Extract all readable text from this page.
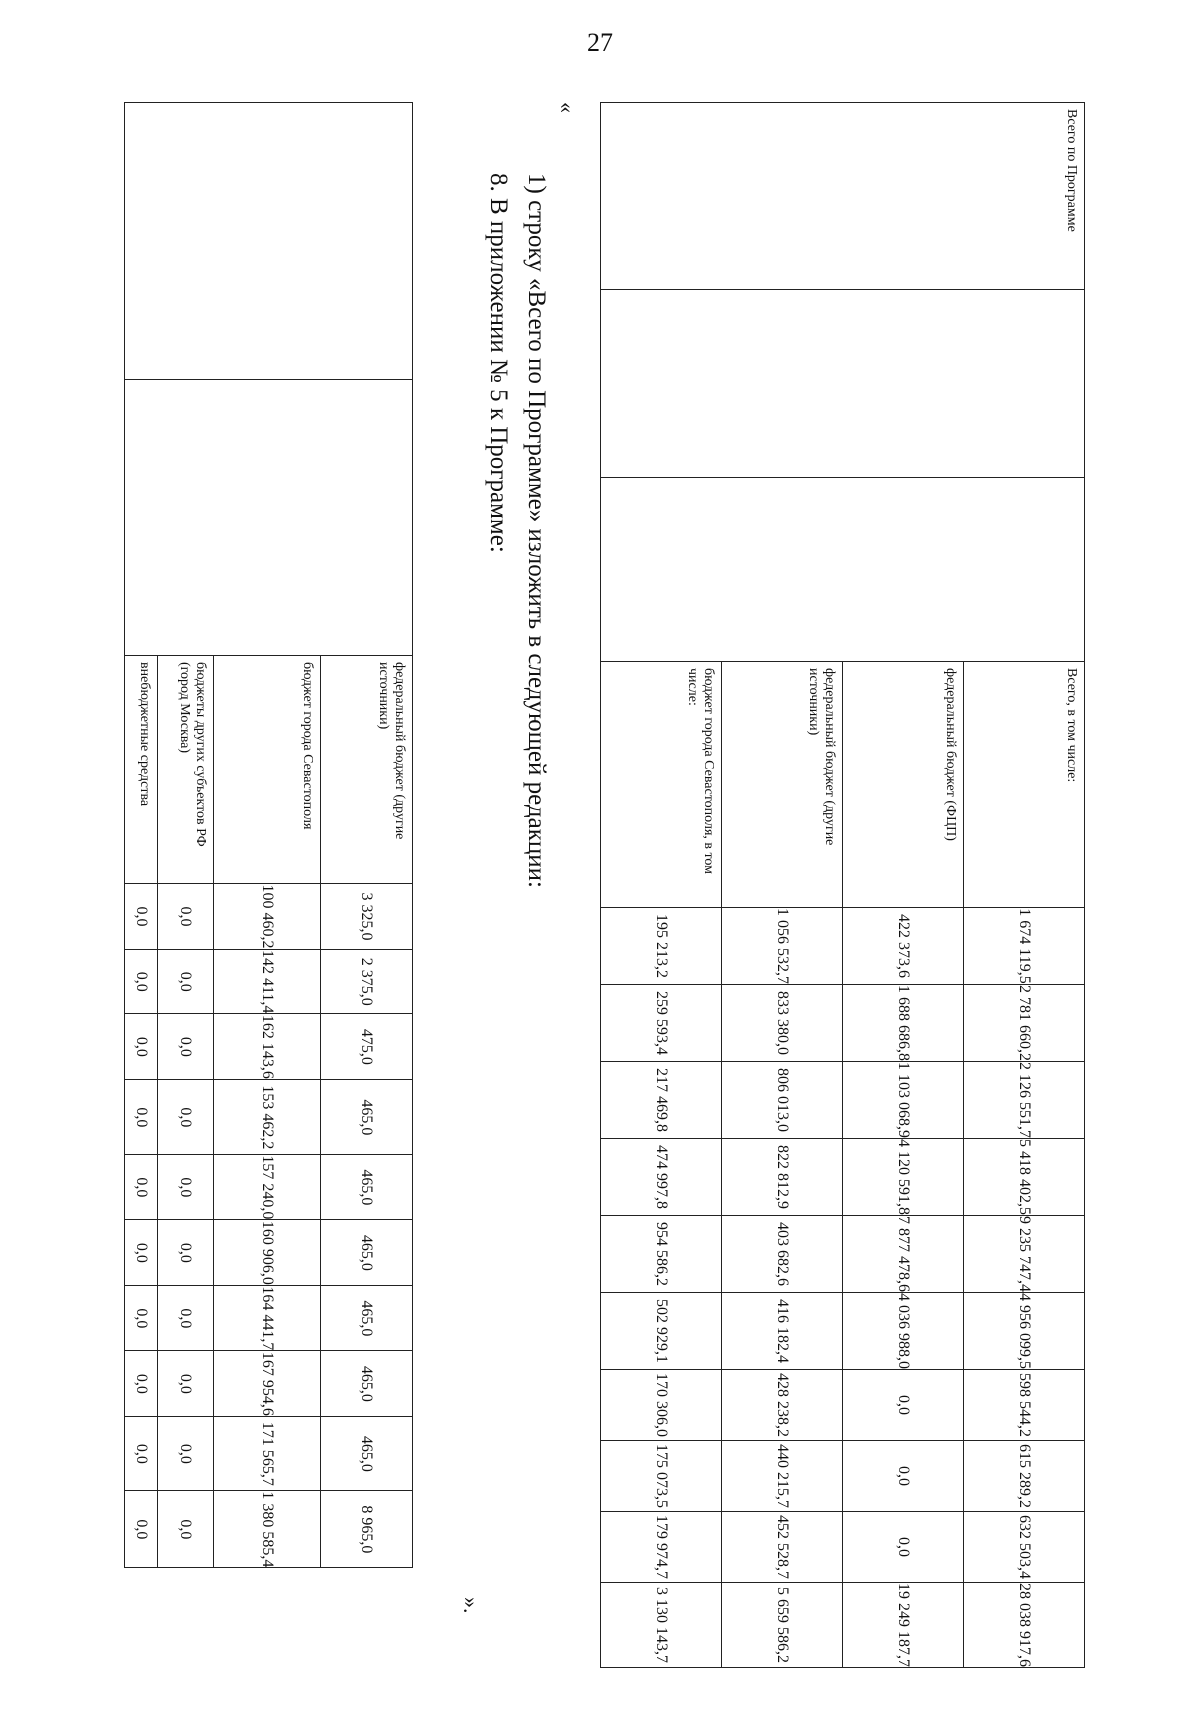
27
		федеральный бюджет (другие источники)	3 325,0	2 375,0	475,0	465,0	465,0	465,0	465,0	465,0	465,0	8 965,0
		бюджет города Севастополя	100 460,2	142 411,4	162 143,6	153 462,2	157 240,0	160 906,0	164 441,7	167 954,6	171 565,7	1 380 585,4
		бюджеты других субъектов РФ (город Москва)	0,0	0,0	0,0	0,0	0,0	0,0	0,0	0,0	0,0	0,0
		внебюджетные средства	0,0	0,0	0,0	0,0	0,0	0,0	0,0	0,0	0,0	0,0
».
8. В приложении № 5 к Программе: 1) строку «Всего по Программе» изложить в следующей редакции:
«
Всего по Программе			Всего, в том числе:	1 674 119,5	2 781 660,2	2 126 551,7	5 418 402,5	9 235 747,4	4 956 099,5	598 544,2	615 289,2	632 503,4	28 038 917,6
			федеральный бюджет (ФЦП)	422 373,6	1 688 686,8	1 103 068,9	4 120 591,8	7 877 478,6	4 036 988,0	0,0	0,0	0,0	19 249 187,7
			федеральный бюджет (другие источники)	1 056 532,7	833 380,0	806 013,0	822 812,9	403 682,6	416 182,4	428 238,2	440 215,7	452 528,7	5 659 586,2
			бюджет города Севастополя, в том числе:	195 213,2	259 593,4	217 469,8	474 997,8	954 586,2	502 929,1	170 306,0	175 073,5	179 974,7	3 130 143,7
